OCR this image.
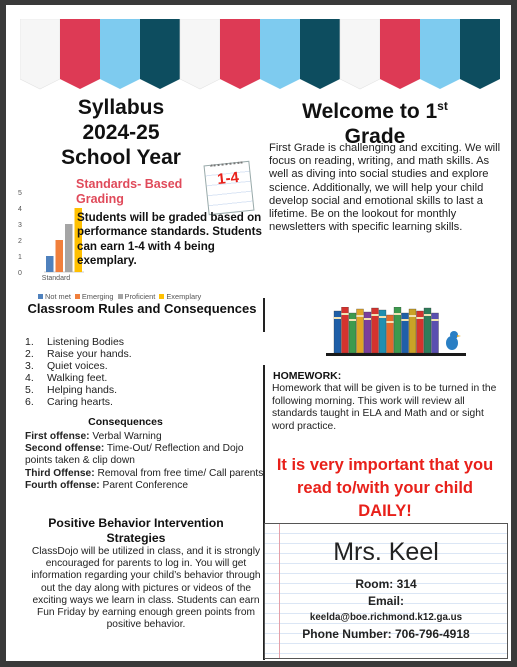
Syllabus
2024-25
School Year
1-4
Standards- Based Grading
0
1
2
3
4
5
Standard
Not met Emerging Proficient Exemplary
Students will be graded based on performance standards. Students can earn 1-4 with 4 being exemplary.
Classroom Rules and Consequences
1. Listening Bodies
2. Raise your hands.
3. Quiet voices.
4. Walking feet.
5. Helping hands.
6. Caring hearts.
Consequences
First offense: Verbal Warning
Second offense: Time-Out/ Reflection and Dojo points taken & clip down
Third Offense: Removal from free time/ Call parents Fourth offense: Parent Conference
Positive Behavior Intervention Strategies
ClassDojo will be utilized in class, and it is strongly encouraged for parents to log in. You will get information regarding your child’s behavior through out the day along with pictures or videos of the exciting ways we learn in class. Students can earn Fun Friday by earning enough green points from positive behavior.
Welcome to 1st
Grade
First Grade is challenging and exciting. We will focus on reading, writing, and math skills. As well as diving into social studies and explore science. Additionally, we will help your child develop social and emotional skills to last a lifetime. Be on the lookout for monthly newsletters with specific learning skills.
HOMEWORK:
Homework that will be given is to be turned in the following morning. This work will review all standards taught in ELA and Math and or sight word practice.
It is very important that you read to/with your child DAILY!
Mrs. Keel
Room: 314
Email:
keelda@boe.richmond.k12.ga.us
Phone Number: 706-796-4918
